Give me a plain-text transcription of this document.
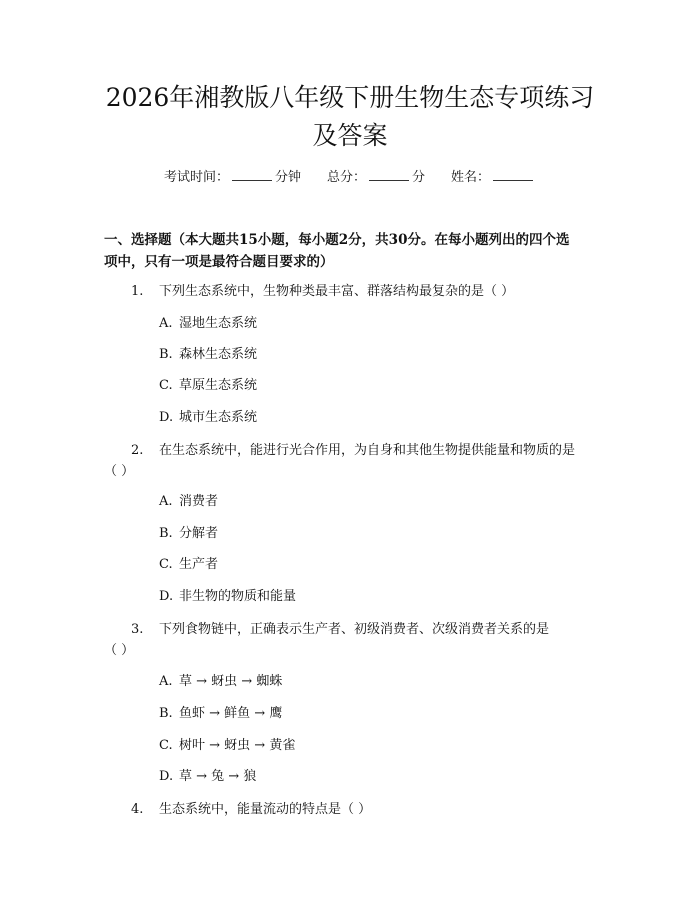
2026年湘教版八年级下册生物生态专项练习
及答案
考试时间：	分钟 总分：	分 姓名：
一、选择题（本大题共15小题，每小题2分，共30分。在每小题列出的四个选
项中，只有一项是最符合题目要求的）
1.	下列生态系统中，生物种类最丰富、群落结构最复杂的是（ ）
A. 湿地生态系统
B. 森林生态系统
C. 草原生态系统
D. 城市生态系统
2.	在生态系统中，能进行光合作用，为自身和其他生物提供能量和物质的是
（ ）
A. 消费者
B. 分解者
C. 生产者
D. 非生物的物质和能量
3.	下列食物链中，正确表示生产者、初级消费者、次级消费者关系的是
（ ）
A. 草 → 蚜虫 → 蜘蛛
B. 鱼虾 → 鲜鱼 → 鹰
C. 树叶 → 蚜虫 → 黄雀
D. 草 → 兔 → 狼
4.	生态系统中，能量流动的特点是（ ）
